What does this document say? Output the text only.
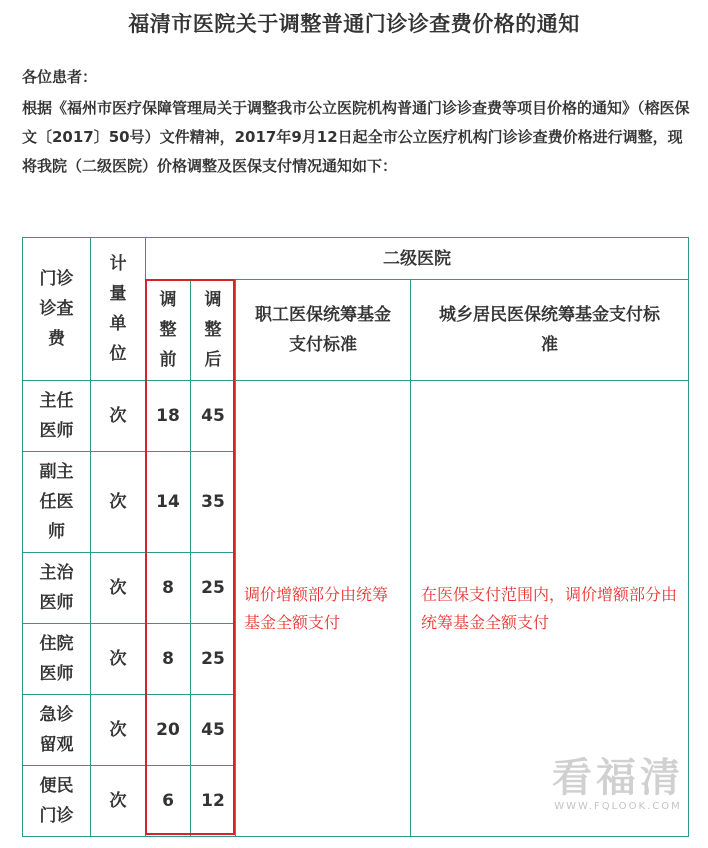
福清市医院关于调整普通门诊诊查费价格的通知
各位患者：
根据《福州市医疗保障管理局关于调整我市公立医院机构普通门诊诊查费等项目价格的通知》（榕医保文〔2017〕50号）文件精神，2017年9月12日起全市公立医疗机构门诊诊查费价格进行调整，现将我院（二级医院）价格调整及医保支付情况通知如下：
门诊诊查费	计量单位	二级医院			
		调整前	调整后	职工医保统筹基金支付标准	城乡居民医保统筹基金支付标准
主任医师	次	18	45	调价增额部分由统筹基金全额支付	在医保支付范围内，调价增额部分由统筹基金全额支付
副主任医师	次	14	35		
主治医师	次	8	25		
住院医师	次	8	25		
急诊留观	次	20	45		
便民门诊	次	6	12			看福清
WWW.FQLOOK.COM
